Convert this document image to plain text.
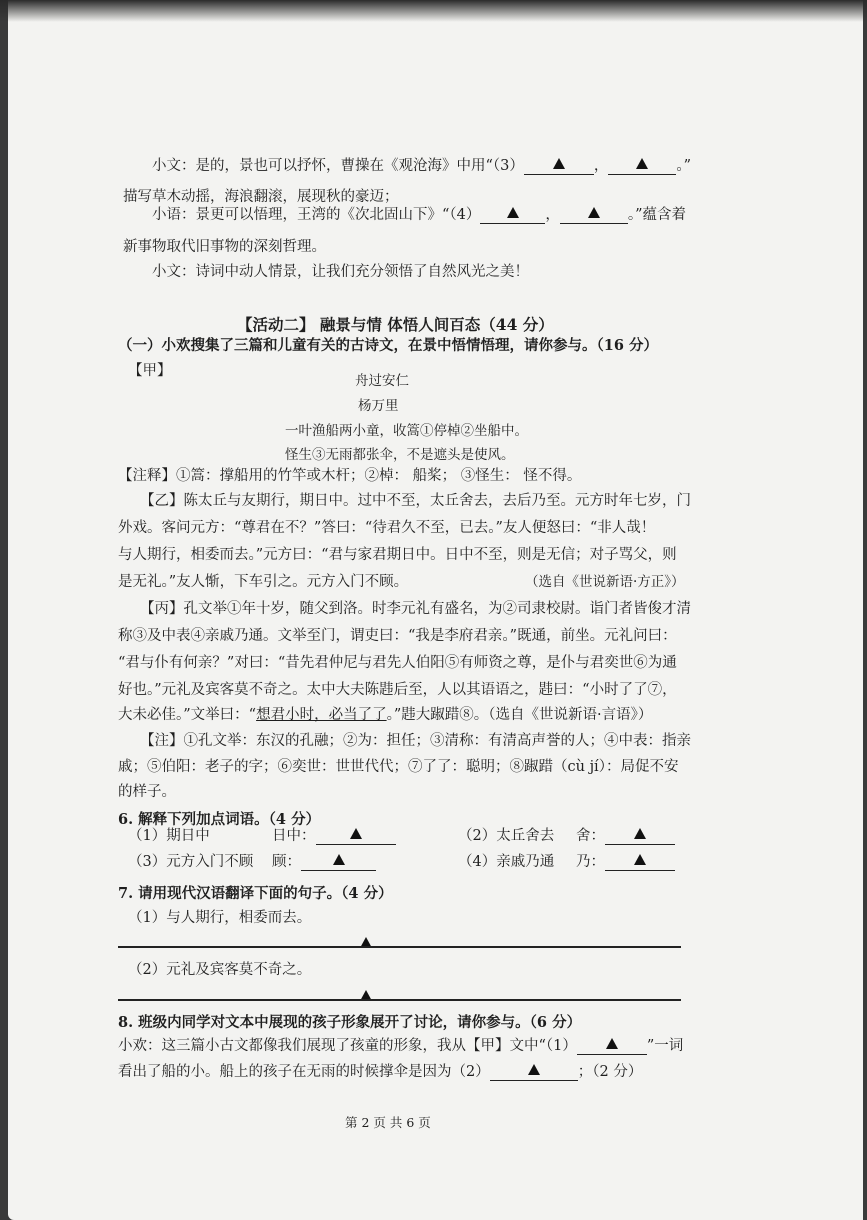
小文：是的，景也可以抒怀，曹操在《观沧海》中用“（3）	，	。”
描写草木动摇，海浪翻滚，展现秋的豪迈；
小语：景更可以悟理，王湾的《次北固山下》“（4）	，	。”蕴含着
新事物取代旧事物的深刻哲理。
小文：诗词中动人情景，让我们充分领悟了自然风光之美！
【活动二】 融景与情 体悟人间百态（44 分）
（一）小欢搜集了三篇和儿童有关的古诗文，在景中悟情悟理，请你参与。（16 分）
【甲】
舟过安仁
杨万里
一叶渔船两小童，收篙①停棹②坐船中。
怪生③无雨都张伞，不是遮头是使风。
【注释】①篙：撑船用的竹竿或木杆；②棹： 船桨； ③怪生： 怪不得。
【乙】陈太丘与友期行，期日中。过中不至，太丘舍去，去后乃至。元方时年七岁，门
外戏。客问元方：“尊君在不？”答曰：“待君久不至，已去。”友人便怒曰：“非人哉！
与人期行，相委而去。”元方曰：“君与家君期日中。日中不至，则是无信；对子骂父，则
是无礼。”友人惭，下车引之。元方入门不顾。	（选自《世说新语·方正》）
【丙】孔文举①年十岁，随父到洛。时李元礼有盛名，为②司隶校尉。诣门者皆俊才清
称③及中表④亲戚乃通。文举至门，谓吏曰：“我是李府君亲。”既通，前坐。元礼问曰：
“君与仆有何亲？”对曰：“昔先君仲尼与君先人伯阳⑤有师资之尊，是仆与君奕世⑥为通
好也。”元礼及宾客莫不奇之。太中大夫陈韪后至，人以其语语之，韪曰：“小时了了⑦，
大未必佳。”文举曰：“想君小时，必当了了。”韪大踧踖⑧。（选自《世说新语·言语》）
【注】①孔文举：东汉的孔融；②为：担任；③清称：有清高声誉的人；④中表：指亲
戚；⑤伯阳：老子的字；⑥奕世：世世代代；⑦了了：聪明；⑧踧踖（cù jí）：局促不安
的样子。
6. 解释下列加点词语。（4 分）
（1）期日中	日中：	（2）太丘舍去 舍：
（3）元方入门不顾 顾：	（4）亲戚乃通 乃：
7. 请用现代汉语翻译下面的句子。（4 分）
（1）与人期行，相委而去。
（2）元礼及宾客莫不奇之。
8. 班级内同学对文本中展现的孩子形象展开了讨论，请你参与。（6 分）
小欢：这三篇小古文都像我们展现了孩童的形象，我从【甲】文中“（1）	”一词
看出了船的小。船上的孩子在无雨的时候撑伞是因为（2）	；（2 分）
第 2 页 共 6 页
